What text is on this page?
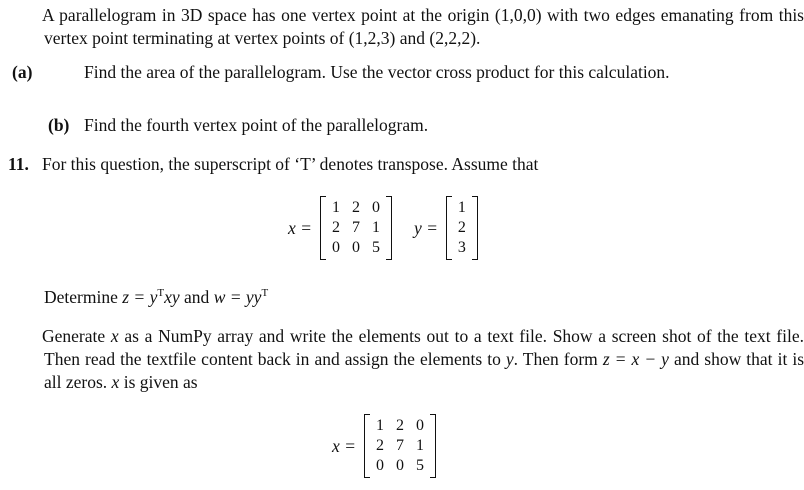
A parallelogram in 3D space has one vertex point at the origin (1,0,0) with two edges emanating from this vertex point terminating at vertex points of (1,2,3) and (2,2,2).
(a)	Find the area of the parallelogram. Use the vector cross product for this calculation.
(b) Find the fourth vertex point of the parallelogram.
11. For this question, the superscript of ‘T’ denotes transpose. Assume that
x =
1	2	0
2	7	1
0	0	5
y =
1
2
3
Determine $z = y^Txy$ and $w = yy^T$
Generate x as a NumPy array and write the elements out to a text file. Show a screen shot of the text file. Then read the textfile content back in and assign the elements to y. Then form z = x − y and show that it is all zeros. x is given as
x =
1	2	0
2	7	1
0	0	5
